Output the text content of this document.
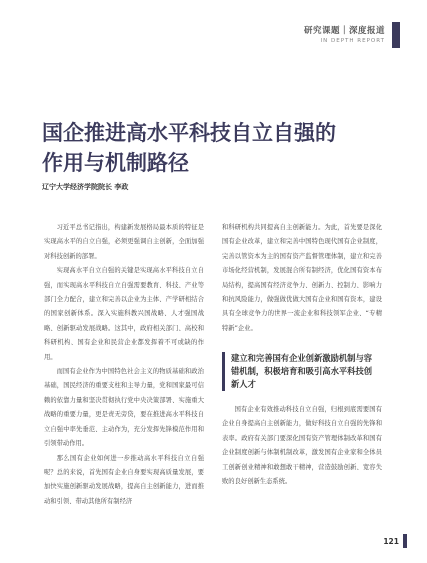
研究课题｜深度报道
IN DEPTH REPORT
国企推进高水平科技自立自强的
作用与机制路径
辽宁大学经济学院院长 李政

习近平总书记指出，构建新发展格局最本质的特征是实现高水平的自立自强，必须更强调自主创新，全面加强对科技创新的部署。

实现高水平自立自强的关键是实现高水平科技自立自强，而实现高水平科技自立自强需要教育、科技、产业等部门全力配合，建立和完善以企业为主体、产学研相结合的国家创新体系。深入实施科教兴国战略、人才强国战略、创新驱动发展战略。这其中，政府相关部门、高校和科研机构、国有企业和民营企业都发挥着不可或缺的作用。

而国有企业作为中国特色社会主义的物质基础和政治基础，国民经济的重要支柱和主导力量，党和国家最可信赖的依靠力量和坚决贯彻执行党中央决策部署、实施重大战略的重要力量，更是责无旁贷，要在推进高水平科技自立自强中率先垂范、主动作为，充分发挥先锋模范作用和引领带动作用。

那么国有企业如何进一步推动高水平科技自立自强呢？总的来说，首先国有企业自身要实现高质量发展，要加快实施创新驱动发展战略，提高自主创新能力，进而推动和引领、带动其他所有制经济

和科研机构共同提高自主创新能力。为此，首先要是深化国有企业改革，建立和完善中国特色现代国有企业制度，完善以管资本为主的国有资产监督管理体制，建立和完善市场化经营机制，发展混合所有制经济，优化国有资本布局结构，提高国有经济竞争力、创新力、控制力、影响力和抗风险能力，做强做优做大国有企业和国有资本，建设具有全球竞争力的世界一流企业和科技领军企业、“专精特新”企业。

建立和完善国有企业创新激励机制与容
错机制，积极培育和吸引高水平科技创
新人才

国有企业有效推动科技自立自强，归根到底需要国有企业自身提高自主创新能力，做好科技自立自强的先锋和表率。政府有关部门要深化国有资产管理体制改革和国有企业制度创新与体制机制改革，激发国有企业家和全体员工创新创业精神和敢想敢干精神，营造鼓励创新、宽容失败的良好创新生态系统。

121
